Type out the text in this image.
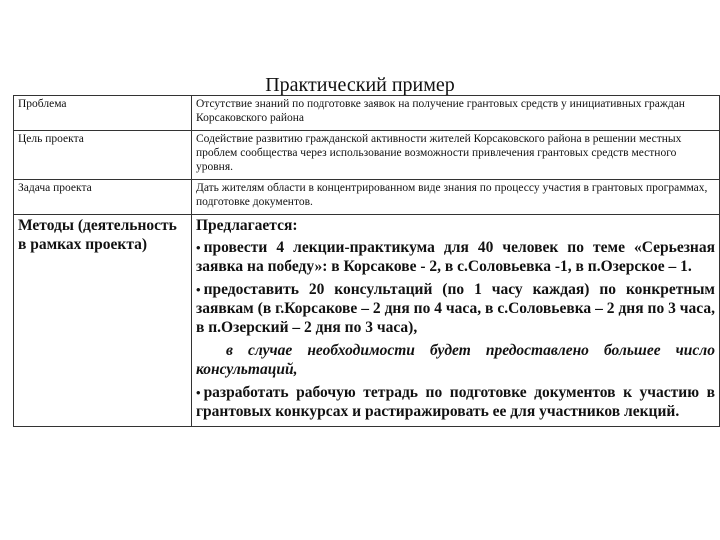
Практический пример
Проблема	Отсутствие знаний по подготовке заявок на получение грантовых средств у инициативных граждан Корсаковского района
Цель проекта	Содействие развитию гражданской активности жителей Корсаковского района в решении местных проблем сообщества через использование возможности привлечения грантовых средств местного уровня.
Задача проекта	Дать жителям области в концентрированном виде знания по процессу участия в грантовых программах, подготовке документов.
Методы (деятельность в рамках проекта)	Предлагается:
• провести 4 лекции-практикума для 40 человек по теме «Серьезная заявка на победу»: в Корсакове - 2, в с.Соловьевка -1, в п.Озерское – 1.
• предоставить 20 консультаций (по 1 часу каждая) по конкретным заявкам (в г.Корсакове – 2 дня по 4 часа, в с.Соловьевка – 2 дня по 3 часа, в п.Озерский – 2 дня по 3 часа),
в случае необходимости будет предоставлено большее число консультаций,
• разработать рабочую тетрадь по подготовке документов к участию в грантовых конкурсах и растиражировать ее для участников лекций.
